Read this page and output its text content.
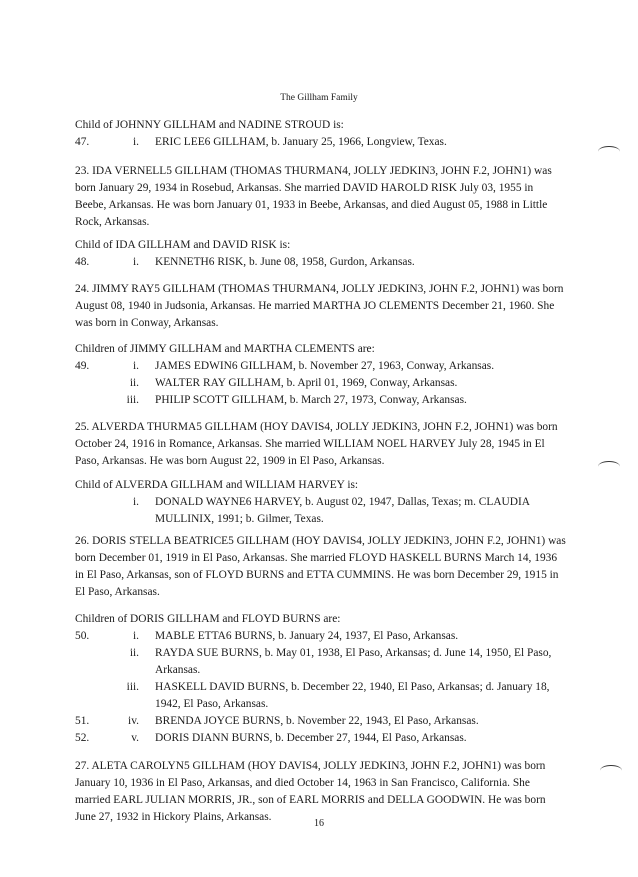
The Gillham Family
Child of JOHNNY GILLHAM and NADINE STROUD is:
47.	i. ERIC LEE6 GILLHAM, b. January 25, 1966, Longview, Texas.
23. IDA VERNELL5 GILLHAM (THOMAS THURMAN4, JOLLY JEDKIN3, JOHN F.2, JOHN1) was born January 29, 1934 in Rosebud, Arkansas. She married DAVID HAROLD RISK July 03, 1955 in Beebe, Arkansas. He was born January 01, 1933 in Beebe, Arkansas, and died August 05, 1988 in Little Rock, Arkansas.
Child of IDA GILLHAM and DAVID RISK is:
48.	i. KENNETH6 RISK, b. June 08, 1958, Gurdon, Arkansas.
24. JIMMY RAY5 GILLHAM (THOMAS THURMAN4, JOLLY JEDKIN3, JOHN F.2, JOHN1) was born August 08, 1940 in Judsonia, Arkansas. He married MARTHA JO CLEMENTS December 21, 1960. She was born in Conway, Arkansas.
Children of JIMMY GILLHAM and MARTHA CLEMENTS are:
49.	i. JAMES EDWIN6 GILLHAM, b. November 27, 1963, Conway, Arkansas.
ii. WALTER RAY GILLHAM, b. April 01, 1969, Conway, Arkansas.
iii. PHILIP SCOTT GILLHAM, b. March 27, 1973, Conway, Arkansas.
25. ALVERDA THURMA5 GILLHAM (HOY DAVIS4, JOLLY JEDKIN3, JOHN F.2, JOHN1) was born October 24, 1916 in Romance, Arkansas. She married WILLIAM NOEL HARVEY July 28, 1945 in El Paso, Arkansas. He was born August 22, 1909 in El Paso, Arkansas.
Child of ALVERDA GILLHAM and WILLIAM HARVEY is:
i. DONALD WAYNE6 HARVEY, b. August 02, 1947, Dallas, Texas; m. CLAUDIA MULLINIX, 1991; b. Gilmer, Texas.
26. DORIS STELLA BEATRICE5 GILLHAM (HOY DAVIS4, JOLLY JEDKIN3, JOHN F.2, JOHN1) was born December 01, 1919 in El Paso, Arkansas. She married FLOYD HASKELL BURNS March 14, 1936 in El Paso, Arkansas, son of FLOYD BURNS and ETTA CUMMINS. He was born December 29, 1915 in El Paso, Arkansas.
Children of DORIS GILLHAM and FLOYD BURNS are:
50.	i. MABLE ETTA6 BURNS, b. January 24, 1937, El Paso, Arkansas.
ii. RAYDA SUE BURNS, b. May 01, 1938, El Paso, Arkansas; d. June 14, 1950, El Paso, Arkansas.
iii. HASKELL DAVID BURNS, b. December 22, 1940, El Paso, Arkansas; d. January 18, 1942, El Paso, Arkansas.
51.	iv. BRENDA JOYCE BURNS, b. November 22, 1943, El Paso, Arkansas.
52.	v. DORIS DIANN BURNS, b. December 27, 1944, El Paso, Arkansas.
27. ALETA CAROLYN5 GILLHAM (HOY DAVIS4, JOLLY JEDKIN3, JOHN F.2, JOHN1) was born January 10, 1936 in El Paso, Arkansas, and died October 14, 1963 in San Francisco, California. She married EARL JULIAN MORRIS, JR., son of EARL MORRIS and DELLA GOODWIN. He was born June 27, 1932 in Hickory Plains, Arkansas.
16
